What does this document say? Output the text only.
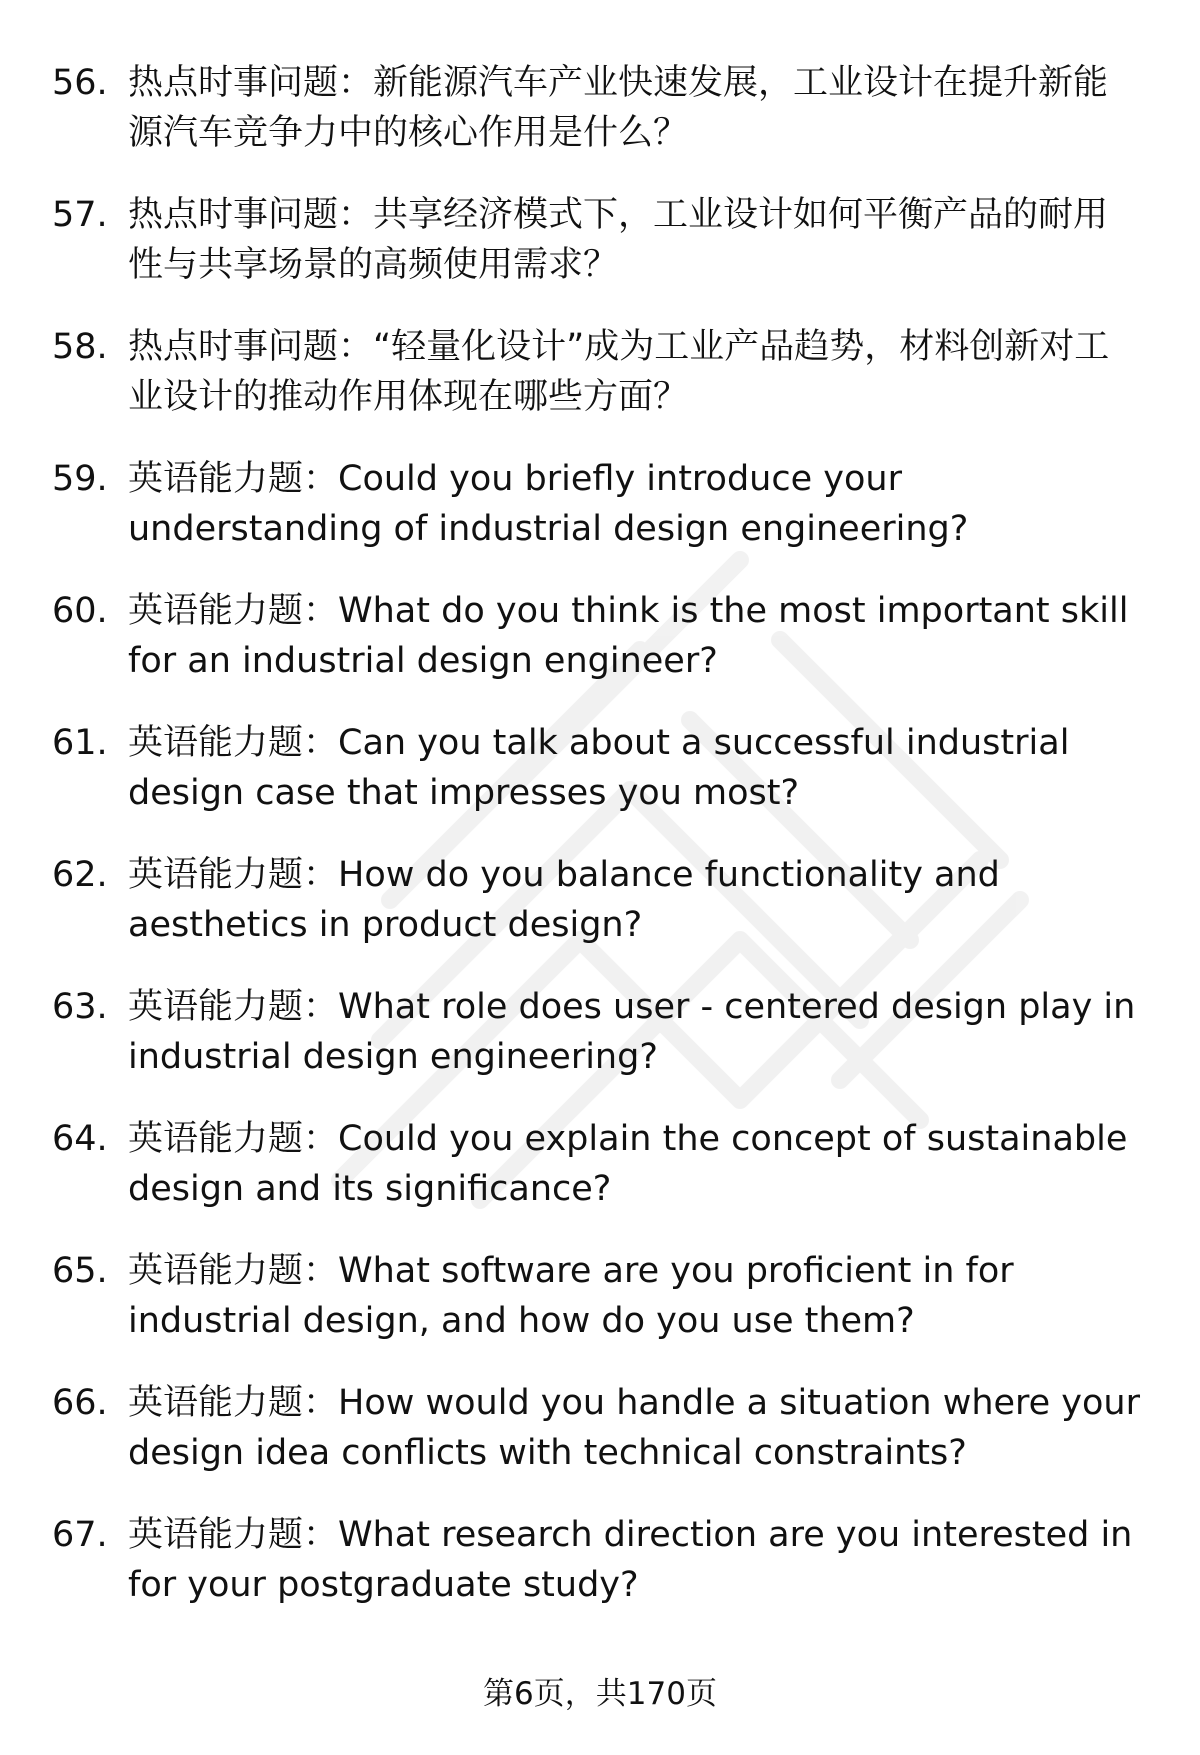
56. 热点时事问题：新能源汽车产业快速发展，工业设计在提升新能源汽车竞争力中的核心作用是什么？
57. 热点时事问题：共享经济模式下，工业设计如何平衡产品的耐用性与共享场景的高频使用需求？
58. 热点时事问题：“轻量化设计”成为工业产品趋势，材料创新对工业设计的推动作用体现在哪些方面？
59. 英语能力题：Could you briefly introduce your understanding of industrial design engineering?
60. 英语能力题：What do you think is the most important skill for an industrial design engineer?
61. 英语能力题：Can you talk about a successful industrial design case that impresses you most?
62. 英语能力题：How do you balance functionality and aesthetics in product design?
63. 英语能力题：What role does user - centered design play in industrial design engineering?
64. 英语能力题：Could you explain the concept of sustainable design and its significance?
65. 英语能力题：What software are you proficient in for industrial design, and how do you use them?
66. 英语能力题：How would you handle a situation where your design idea conflicts with technical constraints?
67. 英语能力题：What research direction are you interested in for your postgraduate study?
第6页，共170页
